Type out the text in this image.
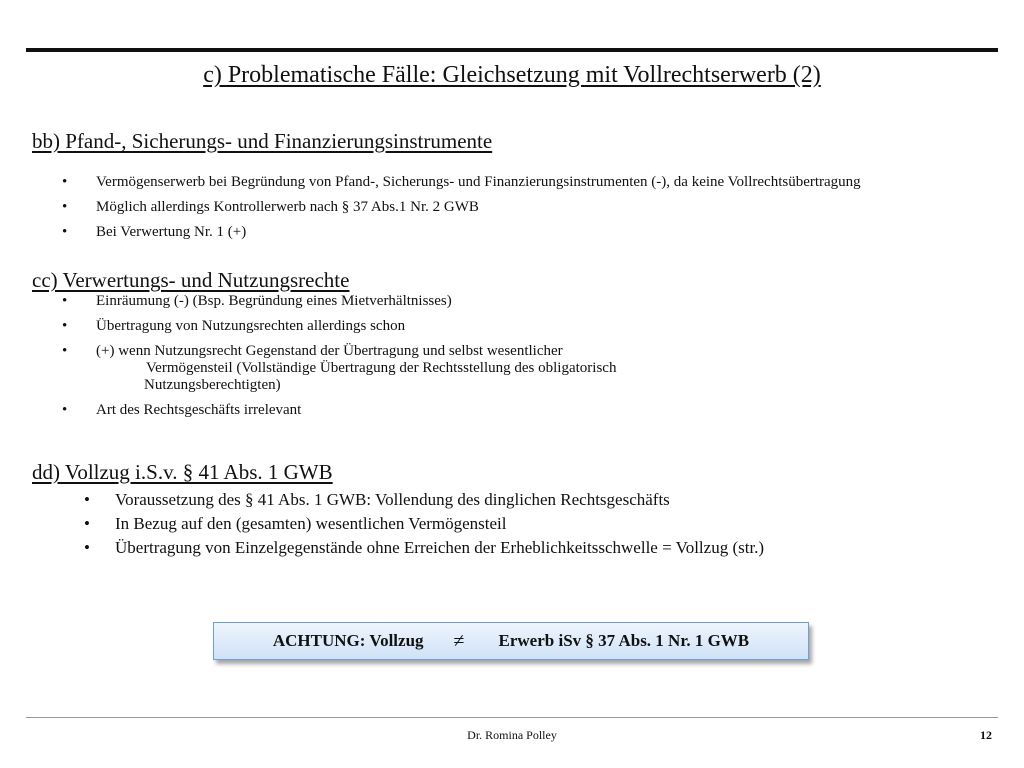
c) Problematische Fälle: Gleichsetzung mit Vollrechtserwerb (2)
bb) Pfand-, Sicherungs- und Finanzierungsinstrumente
• Vermögenserwerb bei Begründung von Pfand-, Sicherungs- und Finanzierungsinstrumenten (-), da keine Vollrechtsübertragung
• Möglich allerdings Kontrollerwerb nach § 37 Abs.1 Nr. 2 GWB
• Bei Verwertung Nr. 1 (+)
cc) Verwertungs- und Nutzungsrechte
• Einräumung (-) (Bsp. Begründung eines Mietverhältnisses)
• Übertragung von Nutzungsrechten allerdings schon
• (+) wenn Nutzungsrecht Gegenstand der Übertragung und selbst wesentlicher
Vermögensteil (Vollständige Übertragung der Rechtsstellung des obligatorisch
Nutzungsberechtigten)
• Art des Rechtsgeschäfts irrelevant
dd) Vollzug i.S.v. § 41 Abs. 1 GWB
• Voraussetzung des § 41 Abs. 1 GWB: Vollendung des dinglichen Rechtsgeschäfts
• In Bezug auf den (gesamten) wesentlichen Vermögensteil
• Übertragung von Einzelgegenstände ohne Erreichen der Erheblichkeitsschwelle = Vollzug (str.)
ACHTUNG: Vollzug ≠ Erwerb iSv § 37 Abs. 1 Nr. 1 GWB
Dr. Romina Polley	12
